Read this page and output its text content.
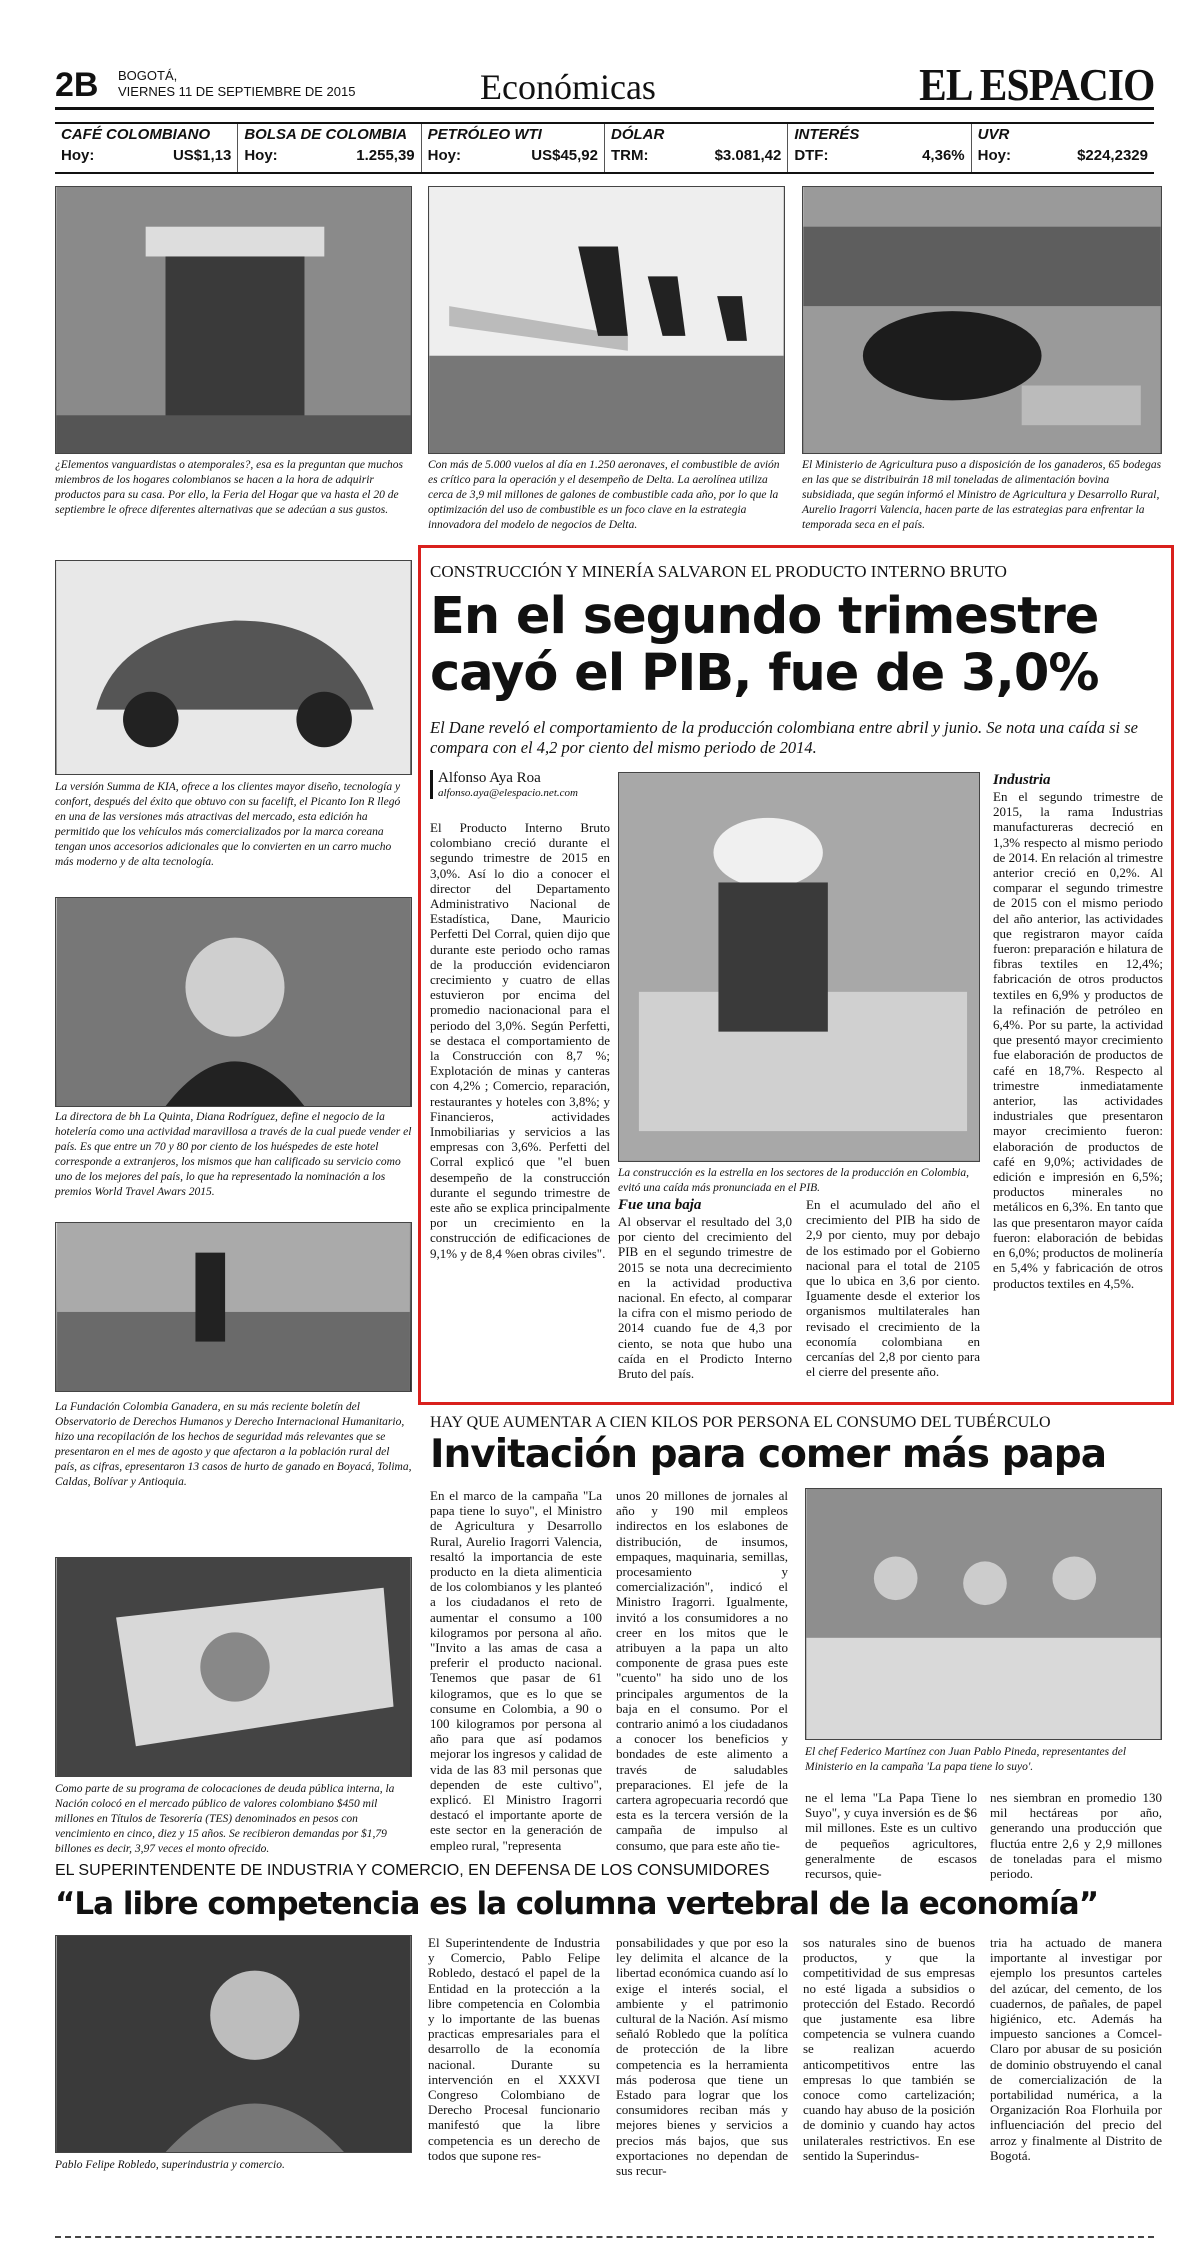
2B BOGOTÁ,
VIERNES 11 DE SEPTIEMBRE DE 2015	Económicas	EL ESPACIO
CAFÉ COLOMBIANO
Hoy:	US$1,13
BOLSA DE COLOMBIA
Hoy:	1.255,39
PETRÓLEO WTI
Hoy:	US$45,92
DÓLAR
TRM:	$3.081,42
INTERÉS
DTF:	4,36%
UVR
Hoy:	$224,2329
¿Elementos vanguardistas o atemporales?, esa es la preguntan que muchos miembros de los hogares colombianos se hacen a la hora de adquirir productos para su casa. Por ello, la Feria del Hogar que va hasta el 20 de septiembre le ofrece diferentes alternativas que se adecúan a sus gustos.
Con más de 5.000 vuelos al día en 1.250 aeronaves, el combustible de avión es crítico para la operación y el desempeño de Delta. La aerolínea utiliza cerca de 3,9 mil millones de galones de combustible cada año, por lo que la optimización del uso de combustible es un foco clave en la estrategia innovadora del modelo de negocios de Delta.
El Ministerio de Agricultura puso a disposición de los ganaderos, 65 bodegas en las que se distribuirán 18 mil toneladas de alimentación bovina subsidiada, que según informó el Ministro de Agricultura y Desarrollo Rural, Aurelio Iragorri Valencia, hacen parte de las estrategias para enfrentar la temporada seca en el país.
La versión Summa de KIA, ofrece a los clientes mayor diseño, tecnología y confort, después del éxito que obtuvo con su facelift, el Picanto Ion R llegó en una de las versiones más atractivas del mercado, esta edición ha permitido que los vehículos más comercializados por la marca coreana tengan unos accesorios adicionales que lo convierten en un carro mucho más moderno y de alta tecnología.
La directora de bh La Quinta, Diana Rodríguez, define el negocio de la hotelería como una actividad maravillosa a través de la cual puede vender el país. Es que entre un 70 y 80 por ciento de los huéspedes de este hotel corresponde a extranjeros, los mismos que han calificado su servicio como uno de los mejores del país, lo que ha representado la nominación a los premios World Travel Awars 2015.
La Fundación Colombia Ganadera, en su más reciente boletín del Observatorio de Derechos Humanos y Derecho Internacional Humanitario, hizo una recopilación de los hechos de seguridad más relevantes que se presentaron en el mes de agosto y que afectaron a la población rural del país, as cifras, epresentaron 13 casos de hurto de ganado en Boyacá, Tolima, Caldas, Bolívar y Antioquia.
Como parte de su programa de colocaciones de deuda pública interna, la Nación colocó en el mercado público de valores colombiano $450 mil millones en Títulos de Tesorería (TES) denominados en pesos con vencimiento en cinco, diez y 15 años. Se recibieron demandas por $1,79 billones es decir, 3,97 veces el monto ofrecido.
CONSTRUCCIÓN Y MINERÍA SALVARON EL PRODUCTO INTERNO BRUTO
En el segundo trimestre
cayó el PIB, fue de 3,0%
El Dane reveló el comportamiento de la producción colombiana entre abril y junio. Se nota una caída si se compara con el 4,2 por ciento del mismo periodo de 2014.
Alfonso Aya Roa
alfonso.aya@elespacio.net.com
El Producto Interno Bruto colombiano creció durante el segundo trimestre de 2015 en 3,0%. Así lo dio a conocer el director del Departamento Administrativo Nacional de Estadística, Dane, Mauricio Perfetti Del Corral, quien dijo que durante este periodo ocho ramas de la producción evidenciaron crecimiento y cuatro de ellas estuvieron por encima del promedio nacionacional para el periodo del 3,0%. Según Perfetti, se destaca el comportamiento de la Construcción con 8,7 %; Explotación de minas y canteras con 4,2% ; Comercio, reparación, restaurantes y hoteles con 3,8%; y Financieros, actividades Inmobiliarias y servicios a las empresas con 3,6%. Perfetti del Corral explicó que "el buen desempeño de la construcción durante el segundo trimestre de este año se explica principalmente por un crecimiento en la construcción de edificaciones de 9,1% y de 8,4 %en obras civiles".
La construcción es la estrella en los sectores de la producción en Colombia, evitó una caída más pronunciada en el PIB.
Fue una baja
Al observar el resultado del 3,0 por ciento del crecimiento del PIB en el segundo trimestre de 2015 se nota una decrecimiento en la actividad productiva nacional. En efecto, al comparar la cifra con el mismo periodo de 2014 cuando fue de 4,3 por ciento, se nota que hubo una caída en el Prodicto Interno Bruto del país.
En el acumulado del año el crecimiento del PIB ha sido de 2,9 por ciento, muy por debajo de los estimado por el Gobierno nacional para el total de 2105 que lo ubica en 3,6 por ciento. Iguamente desde el exterior los organismos multilaterales han revisado el crecimiento de la economía colombiana en cercanías del 2,8 por ciento para el cierre del presente año.
Industria
En el segundo trimestre de 2015, la rama Industrias manufactureras decreció en 1,3% respecto al mismo periodo de 2014. En relación al trimestre anterior creció en 0,2%. Al comparar el segundo trimestre de 2015 con el mismo periodo del año anterior, las actividades que registraron mayor caída fueron: preparación e hilatura de fibras textiles en 12,4%; fabricación de otros productos textiles en 6,9% y productos de la refinación de petróleo en 6,4%. Por su parte, la actividad que presentó mayor crecimiento fue elaboración de productos de café en 18,7%. Respecto al trimestre inmediatamente anterior, las actividades industriales que presentaron mayor crecimiento fueron: elaboración de productos de café en 9,0%; actividades de edición e impresión en 6,5%; productos minerales no metálicos en 6,3%. En tanto que las que presentaron mayor caída fueron: elaboración de bebidas en 6,0%; productos de molinería en 5,4% y fabricación de otros productos textiles en 4,5%.
HAY QUE AUMENTAR A CIEN KILOS POR PERSONA EL CONSUMO DEL TUBÉRCULO
Invitación para comer más papa
En el marco de la campaña "La papa tiene lo suyo", el Ministro de Agricultura y Desarrollo Rural, Aurelio Iragorri Valencia, resaltó la importancia de este producto en la dieta alimenticia de los colombianos y les planteó a los ciudadanos el reto de aumentar el consumo a 100 kilogramos por persona al año. "Invito a las amas de casa a preferir el producto nacional. Tenemos que pasar de 61 kilogramos, que es lo que se consume en Colombia, a 90 o 100 kilogramos por persona al año para que así podamos mejorar los ingresos y calidad de vida de las 83 mil personas que dependen de este cultivo", explicó. El Ministro Iragorri destacó el importante aporte de este sector en la generación de empleo rural, "representa
unos 20 millones de jornales al año y 190 mil empleos indirectos en los eslabones de distribución, de insumos, empaques, maquinaria, semillas, procesamiento y comercialización", indicó el Ministro Iragorri. Igualmente, invitó a los consumidores a no creer en los mitos que le atribuyen a la papa un alto componente de grasa pues este "cuento" ha sido uno de los principales argumentos de la baja en el consumo. Por el contrario animó a los ciudadanos a conocer los beneficios y bondades de este alimento a través de saludables preparaciones. El jefe de la cartera agropecuaria recordó que esta es la tercera versión de la campaña de impulso al consumo, que para este año tie-
El chef Federico Martínez con Juan Pablo Pineda, representantes del Ministerio en la campaña 'La papa tiene lo suyo'.
ne el lema "La Papa Tiene lo Suyo", y cuya inversión es de $6 mil millones. Este es un cultivo de pequeños agricultores, generalmente de escasos recursos, quie-
nes siembran en promedio 130 mil hectáreas por año, generando una producción que fluctúa entre 2,6 y 2,9 millones de toneladas para el mismo periodo.
EL SUPERINTENDENTE DE INDUSTRIA Y COMERCIO, EN DEFENSA DE LOS CONSUMIDORES
“La libre competencia es la columna vertebral de la economía”
Pablo Felipe Robledo, superindustria y comercio.
El Superintendente de Industria y Comercio, Pablo Felipe Robledo, destacó el papel de la Entidad en la protección a la libre competencia en Colombia y lo importante de las buenas practicas empresariales para el desarrollo de la economía nacional. Durante su intervención en el XXXVI Congreso Colombiano de Derecho Procesal funcionario manifestó que la libre competencia es un derecho de todos que supone res-
ponsabilidades y que por eso la ley delimita el alcance de la libertad económica cuando así lo exige el interés social, el ambiente y el patrimonio cultural de la Nación. Así mismo señaló Robledo que la política de protección de la libre competencia es la herramienta más poderosa que tiene un Estado para lograr que los consumidores reciban más y mejores bienes y servicios a precios más bajos, que sus exportaciones no dependan de sus recur-
sos naturales sino de buenos productos, y que la competitividad de sus empresas no esté ligada a subsidios o protección del Estado. Recordó que justamente esa libre competencia se vulnera cuando se realizan acuerdo anticompetitivos entre las empresas lo que también se conoce como cartelización; cuando hay abuso de la posición de dominio y cuando hay actos unilaterales restrictivos. En ese sentido la Superindus-
tria ha actuado de manera importante al investigar por ejemplo los presuntos carteles del azúcar, del cemento, de los cuadernos, de pañales, de papel higiénico, etc. Además ha impuesto sanciones a Comcel- Claro por abusar de su posición de dominio obstruyendo el canal de comercialización de la portabilidad numérica, a la Organización Roa Florhuila por influenciación del precio del arroz y finalmente al Distrito de Bogotá.
